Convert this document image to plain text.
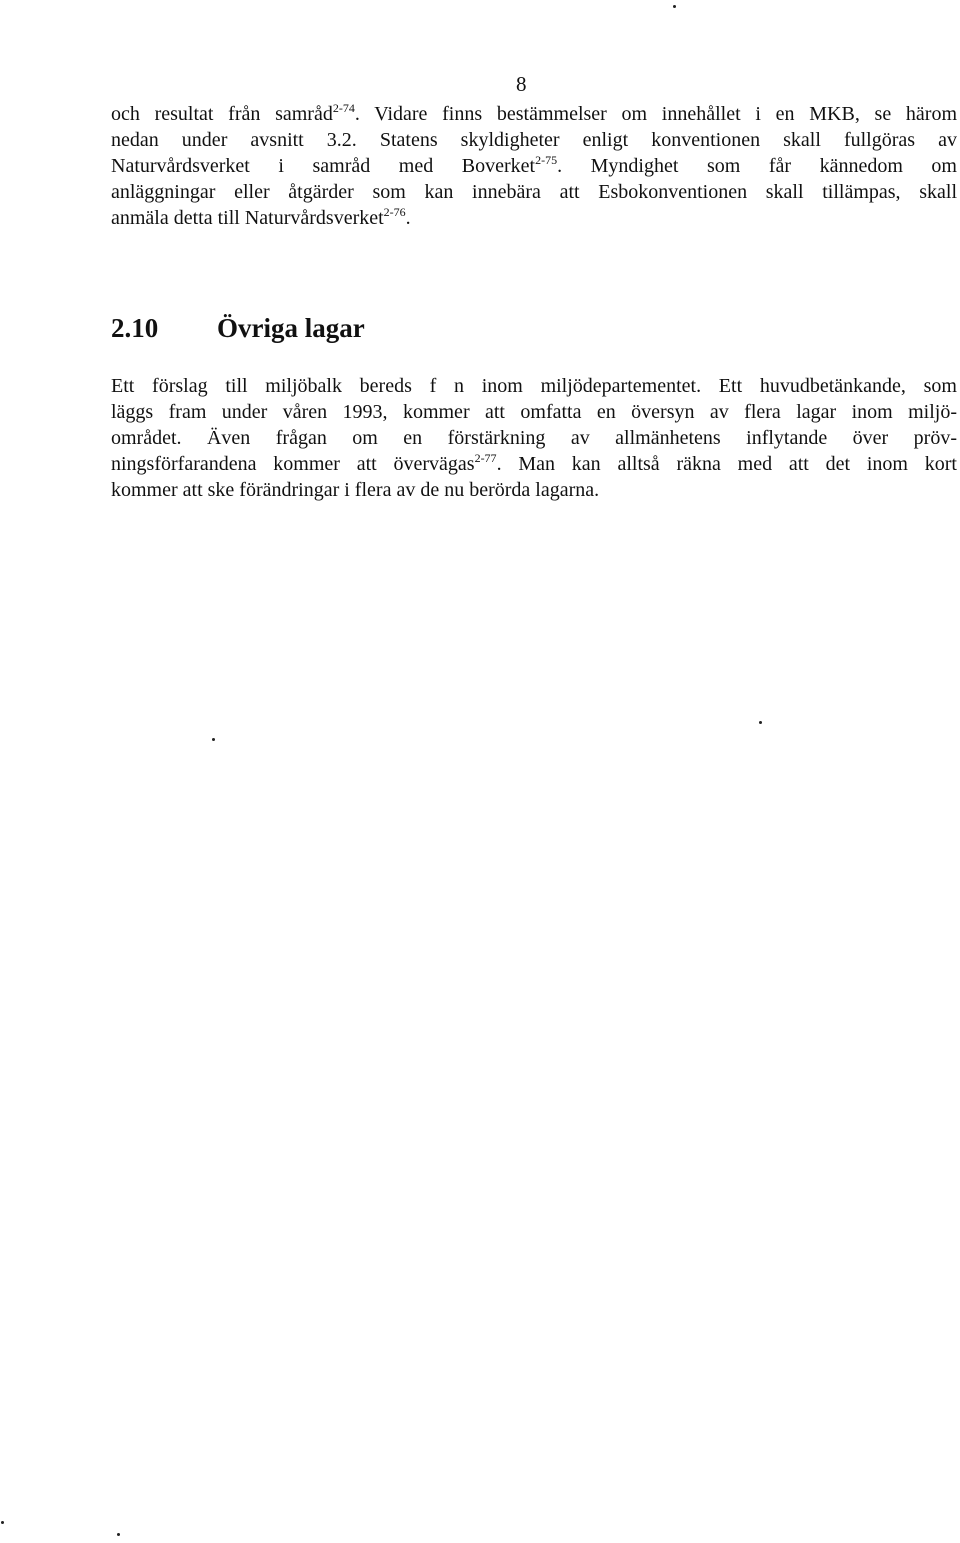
8
och resultat från samråd$^{2-74}$. Vidare finns bestämmelser om innehållet i en MKB, se härom
nedan under avsnitt 3.2. Statens skyldigheter enligt konventionen skall fullgöras av
Naturvårdsverket i samråd med Boverket$^{2-75}$. Myndighet som får kännedom om
anläggningar eller åtgärder som kan innebära att Esbokonventionen skall tillämpas, skall
anmäla detta till Naturvårdsverket$^{2-76}$.
2.10 Övriga lagar
Ett förslag till miljöbalk bereds f n inom miljödepartementet. Ett huvudbetänkande, som
läggs fram under våren 1993, kommer att omfatta en översyn av flera lagar inom miljö-
området. Även frågan om en förstärkning av allmänhetens inflytande över pröv-
ningsförfarandena kommer att övervägas$^{2-77}$. Man kan alltså räkna med att det inom kort
kommer att ske förändringar i flera av de nu berörda lagarna.
